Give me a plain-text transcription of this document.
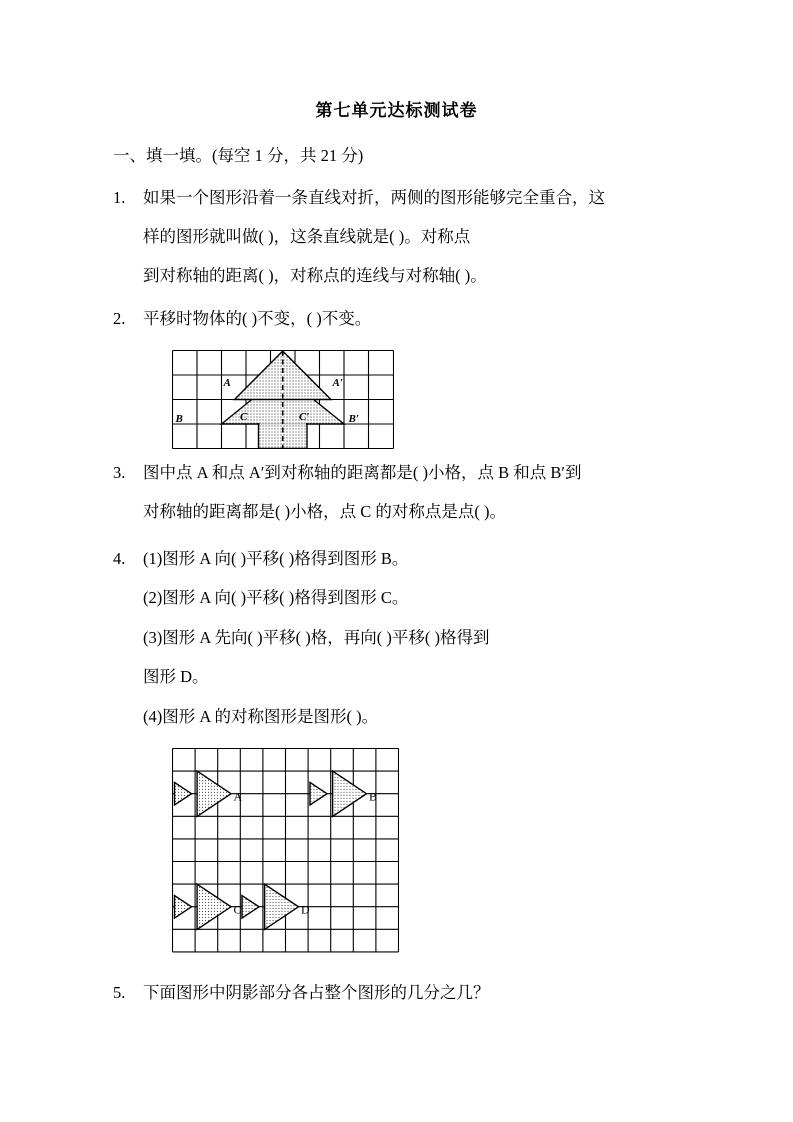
第七单元达标测试卷
一、填一填。(每空 1 分，共 21 分)
1. 如果一个图形沿着一条直线对折，两侧的图形能够完全重合，这
样的图形就叫做( )，这条直线就是( )。对称点
到对称轴的距离( )，对称点的连线与对称轴( )。
2. 平移时物体的( )不变，( )不变。
A	A′
B	B′
C	C′
3. 图中点 A 和点 A′到对称轴的距离都是( )小格，点 B 和点 B′到
对称轴的距离都是( )小格，点 C 的对称点是点( )。
4. (1)图形 A 向( )平移( )格得到图形 B。
(2)图形 A 向( )平移( )格得到图形 C。
(3)图形 A 先向( )平移( )格，再向( )平移( )格得到
图形 D。
(4)图形 A 的对称图形是图形( )。
A	B
C	D
5. 下面图形中阴影部分各占整个图形的几分之几？
